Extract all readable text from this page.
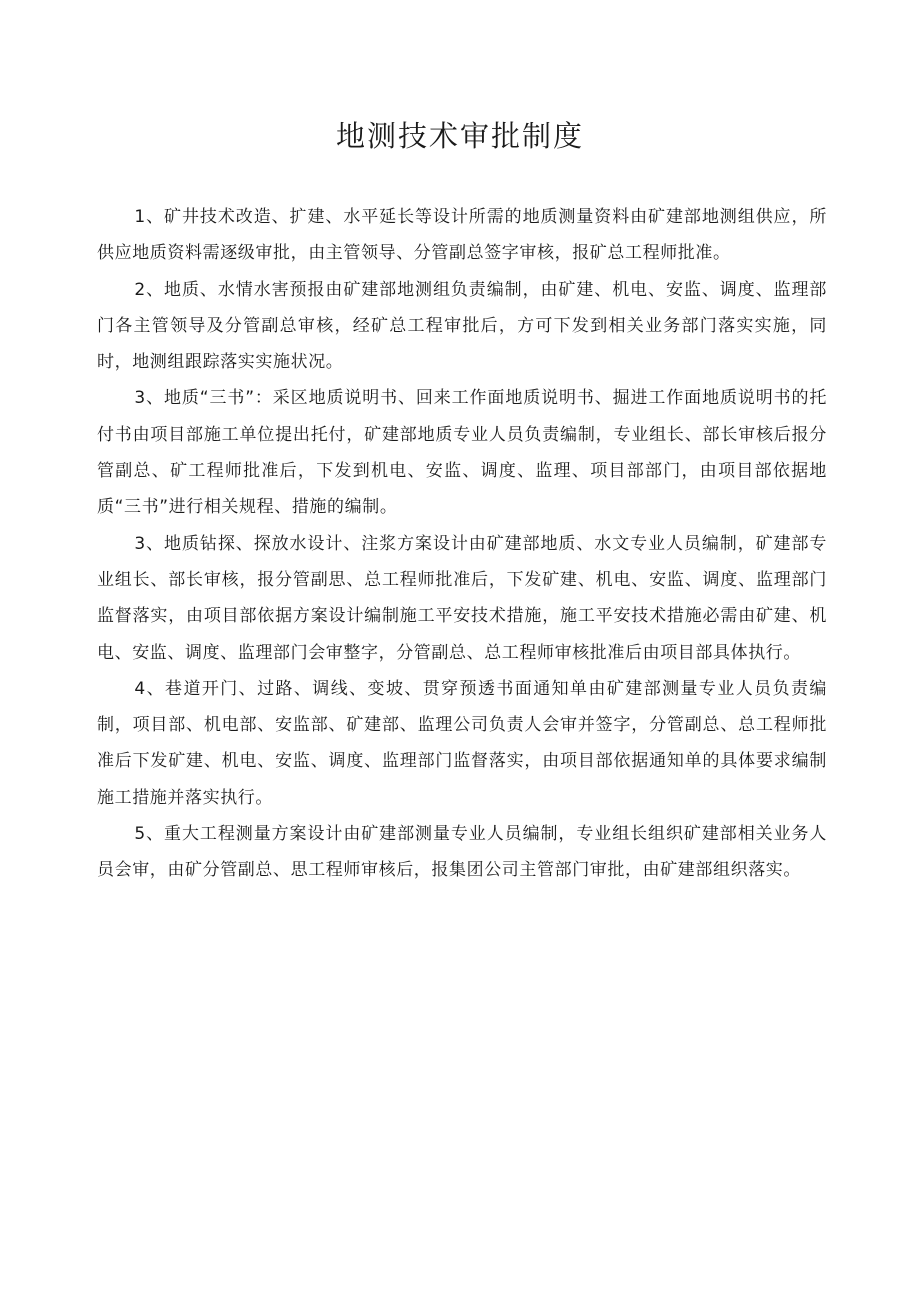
地测技术审批制度

1、矿井技术改造、扩建、水平延长等设计所需的地质测量资料由矿建部地测组供应，所供应地质资料需逐级审批，由主管领导、分管副总签字审核，报矿总工程师批准。

2、地质、水情水害预报由矿建部地测组负责编制，由矿建、机电、安监、调度、监理部门各主管领导及分管副总审核，经矿总工程审批后，方可下发到相关业务部门落实实施，同时，地测组跟踪落实实施状况。

3、地质“三书”：采区地质说明书、回来工作面地质说明书、掘进工作面地质说明书的托付书由项目部施工单位提出托付，矿建部地质专业人员负责编制，专业组长、部长审核后报分管副总、矿工程师批准后，下发到机电、安监、调度、监理、项目部部门，由项目部依据地质“三书”进行相关规程、措施的编制。

3、地质钻探、探放水设计、注浆方案设计由矿建部地质、水文专业人员编制，矿建部专业组长、部长审核，报分管副思、总工程师批准后，下发矿建、机电、安监、调度、监理部门监督落实，由项目部依据方案设计编制施工平安技术措施，施工平安技术措施必需由矿建、机电、安监、调度、监理部门会审整字，分管副总、总工程师审核批准后由项目部具体执行。

4、巷道开门、过路、调线、变坡、贯穿预透书面通知单由矿建部测量专业人员负责编制，项目部、机电部、安监部、矿建部、监理公司负责人会审并签字，分管副总、总工程师批准后下发矿建、机电、安监、调度、监理部门监督落实，由项目部依据通知单的具体要求编制施工措施并落实执行。

5、重大工程测量方案设计由矿建部测量专业人员编制，专业组长组织矿建部相关业务人员会审，由矿分管副总、思工程师审核后，报集团公司主管部门审批，由矿建部组织落实。
